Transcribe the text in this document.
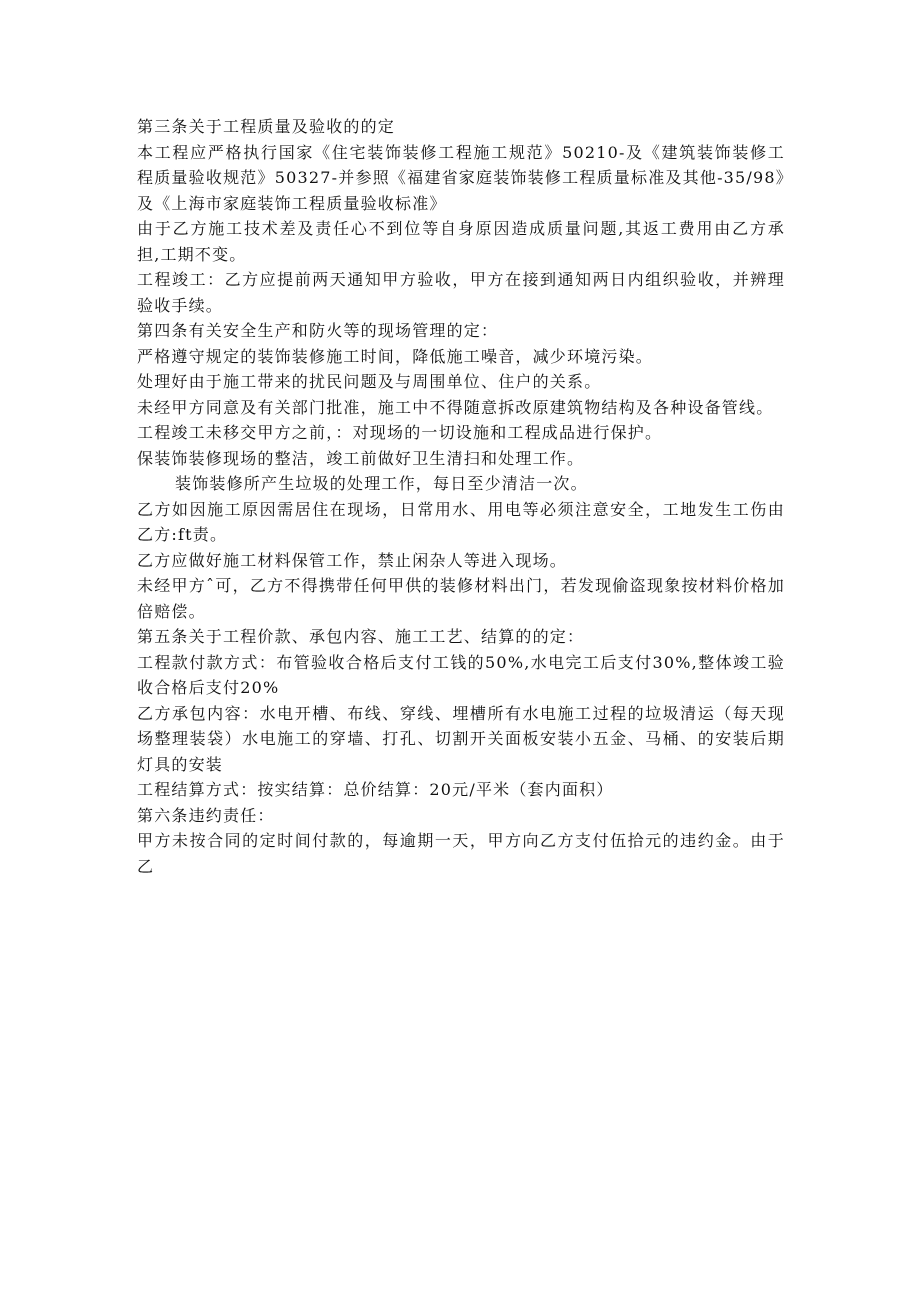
第三条关于工程质量及验收的的定

本工程应严格执行国家《住宅装饰装修工程施工规范》50210-及《建筑装饰装修工程质量验收规范》50327-并参照《福建省家庭装饰装修工程质量标准及其他-35/98》及《上海市家庭装饰工程质量验收标准》

由于乙方施工技术差及责任心不到位等自身原因造成质量问题,其返工费用由乙方承担,工期不变。

工程竣工：乙方应提前两天通知甲方验收，甲方在接到通知两日内组织验收，并辨理验收手续。

第四条有关安全生产和防火等的现场管理的定：

严格遵守规定的装饰装修施工时间，降低施工噪音，减少环境污染。

处理好由于施工带来的扰民问题及与周围单位、住户的关系。

未经甲方同意及有关部门批准，施工中不得随意拆改原建筑物结构及各种设备管线。

工程竣工未移交甲方之前，：对现场的一切设施和工程成品进行保护。

保装饰装修现场的整洁，竣工前做好卫生清扫和处理工作。

装饰装修所产生垃圾的处理工作，每日至少清洁一次。

乙方如因施工原因需居住在现场，日常用水、用电等必须注意安全，工地发生工伤由乙方:ft责。

乙方应做好施工材料保管工作，禁止闲杂人等进入现场。

未经甲方ˆ可，乙方不得携带任何甲供的装修材料出门，若发现偷盗现象按材料价格加倍赔偿。

第五条关于工程价款、承包内容、施工工艺、结算的的定：

工程款付款方式：布管验收合格后支付工钱的50%,水电完工后支付30%,整体竣工验收合格后支付20%

乙方承包内容：水电开槽、布线、穿线、埋槽所有水电施工过程的垃圾清运（每天现场整理装袋）水电施工的穿墙、打孔、切割开关面板安装小五金、马桶、的安装后期灯具的安装

工程结算方式：按实结算：总价结算：20元/平米（套内面积）

第六条违约责任：

甲方未按合同的定时间付款的，每逾期一天，甲方向乙方支付伍拾元的违约金。由于乙
